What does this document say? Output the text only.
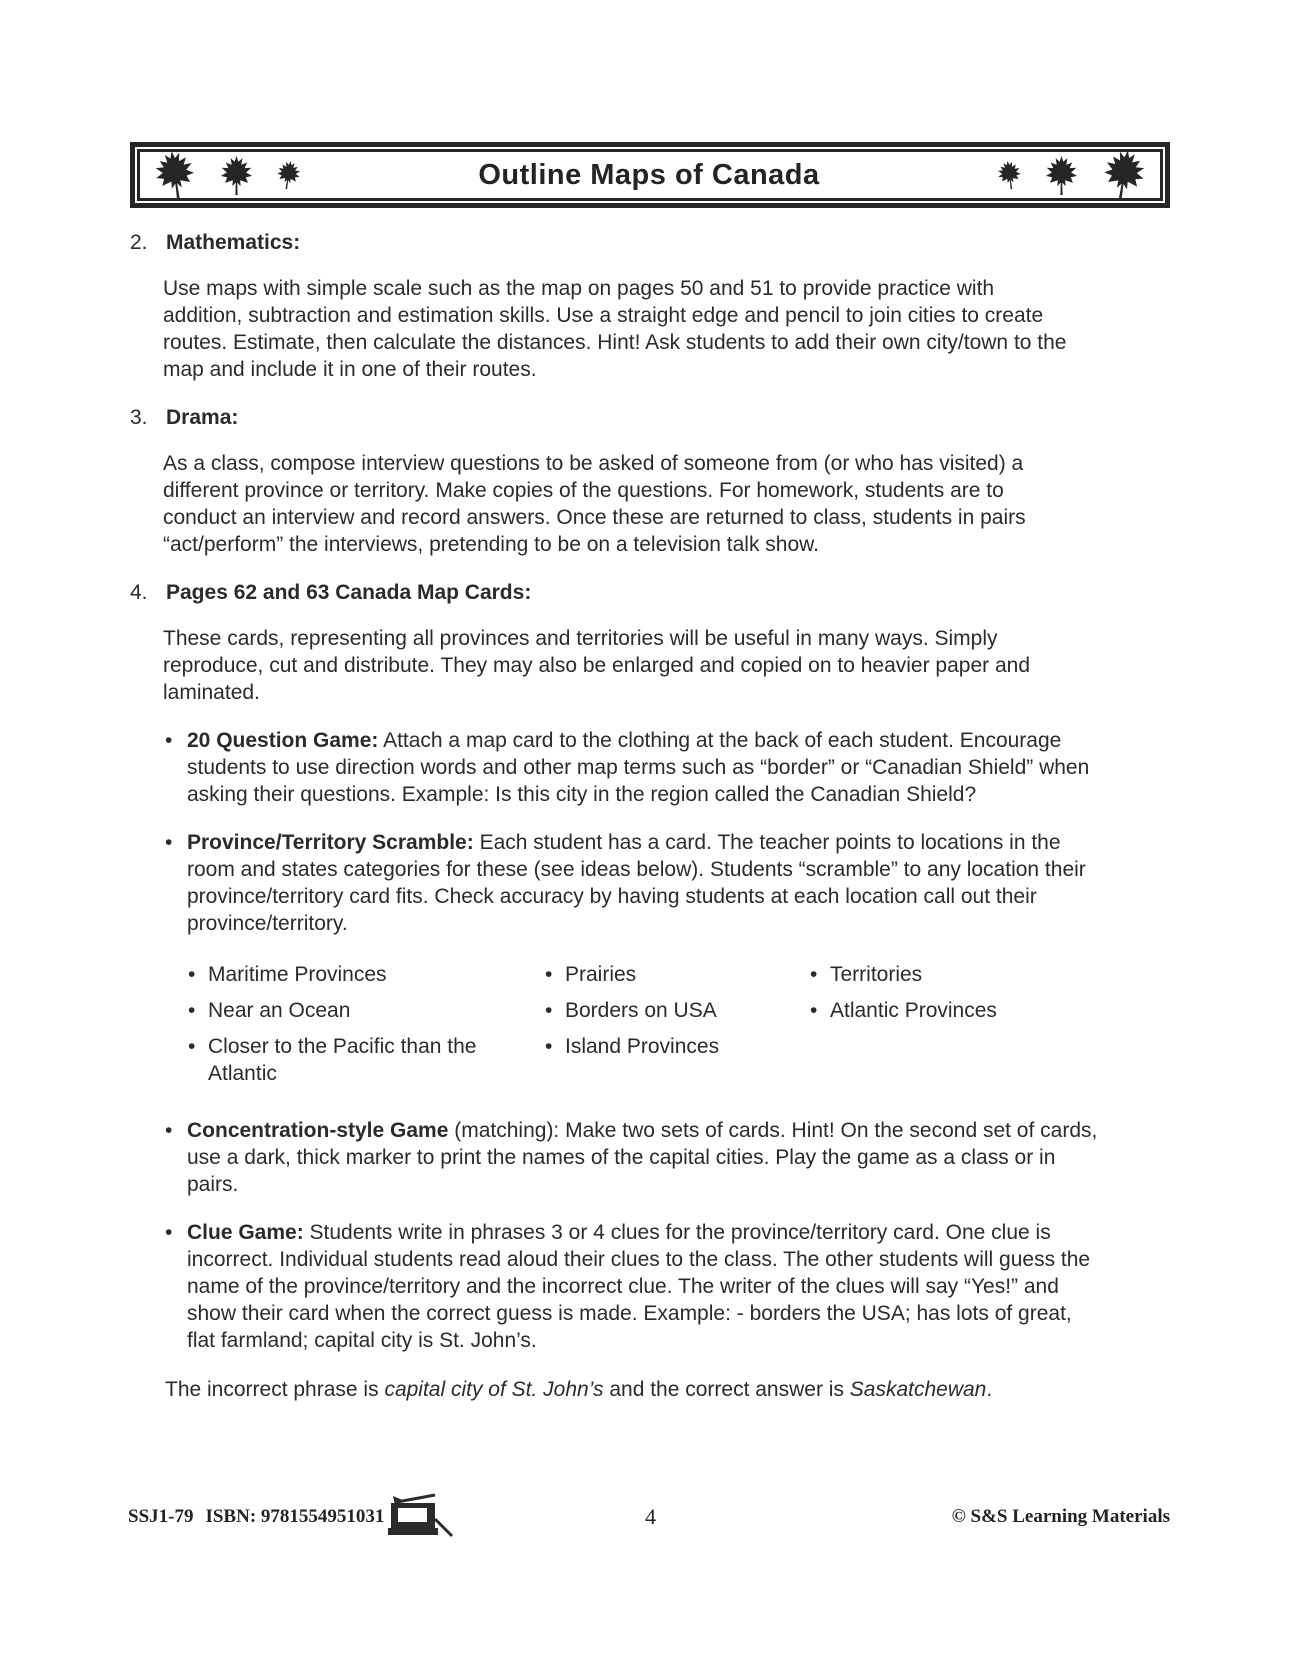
Outline Maps of Canada
2. Mathematics:

Use maps with simple scale such as the map on pages 50 and 51 to provide practice with addition, subtraction and estimation skills. Use a straight edge and pencil to join cities to create routes. Estimate, then calculate the distances. Hint! Ask students to add their own city/town to the map and include it in one of their routes.

3. Drama:

As a class, compose interview questions to be asked of someone from (or who has visited) a different province or territory. Make copies of the questions. For homework, students are to conduct an interview and record answers. Once these are returned to class, students in pairs “act/perform” the interviews, pretending to be on a television talk show.

4. Pages 62 and 63 Canada Map Cards:

These cards, representing all provinces and territories will be useful in many ways. Simply reproduce, cut and distribute. They may also be enlarged and copied on to heavier paper and laminated.

• 20 Question Game: Attach a map card to the clothing at the back of each student. Encourage students to use direction words and other map terms such as “border” or “Canadian Shield” when asking their questions. Example: Is this city in the region called the Canadian Shield?
• Province/Territory Scramble: Each student has a card. The teacher points to locations in the room and states categories for these (see ideas below). Students “scramble” to any location their province/territory card fits. Check accuracy by having students at each location call out their province/territory.
• Maritime Provinces
• Near an Ocean
• Closer to the Pacific than the Atlantic
• Prairies
• Borders on USA
• Island Provinces
• Territories
• Atlantic Provinces
• Concentration-style Game (matching): Make two sets of cards. Hint! On the second set of cards, use a dark, thick marker to print the names of the capital cities. Play the game as a class or in pairs.
• Clue Game: Students write in phrases 3 or 4 clues for the province/territory card. One clue is incorrect. Individual students read aloud their clues to the class. The other students will guess the name of the province/territory and the incorrect clue. The writer of the clues will say “Yes!” and show their card when the correct guess is made. Example: - borders the USA; has lots of great, flat farmland; capital city is St. John’s.

The incorrect phrase is capital city of St. John’s and the correct answer is Saskatchewan.

SSJ1-79 ISBN: 9781554951031	4	© S&S Learning Materials
